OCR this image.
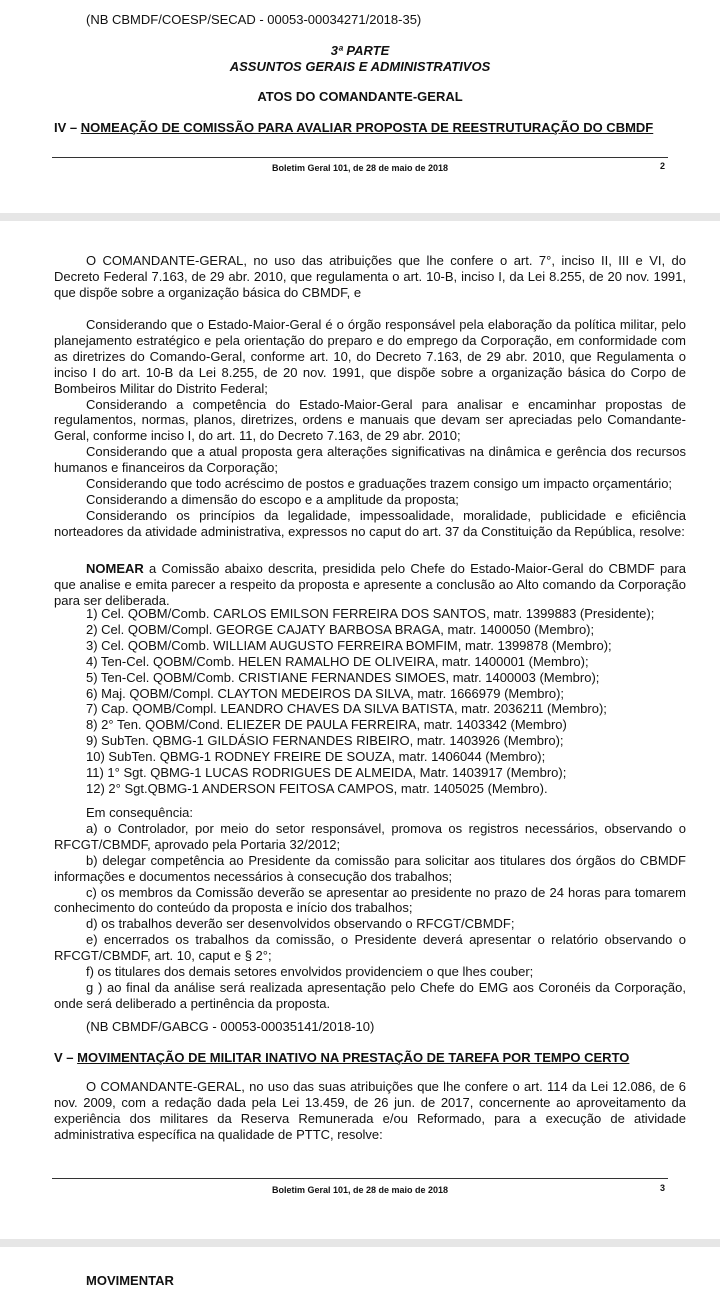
(NB CBMDF/COESP/SECAD - 00053-00034271/2018-35)
3ª PARTE
ASSUNTOS GERAIS E ADMINISTRATIVOS
ATOS DO COMANDANTE-GERAL
IV – NOMEAÇÃO DE COMISSÃO PARA AVALIAR PROPOSTA DE REESTRUTURAÇÃO DO CBMDF
Boletim Geral 101, de 28 de maio de 2018	2
O COMANDANTE-GERAL, no uso das atribuições que lhe confere o art. 7°, inciso II, III e VI, do Decreto Federal 7.163, de 29 abr. 2010, que regulamenta o art. 10-B, inciso I, da Lei 8.255, de 20 nov. 1991, que dispõe sobre a organização básica do CBMDF, e

Considerando que o Estado-Maior-Geral é o órgão responsável pela elaboração da política militar, pelo planejamento estratégico e pela orientação do preparo e do emprego da Corporação, em conformidade com as diretrizes do Comando-Geral, conforme art. 10, do Decreto 7.163, de 29 abr. 2010, que Regulamenta o inciso I do art. 10-B da Lei 8.255, de 20 nov. 1991, que dispõe sobre a organização básica do Corpo de Bombeiros Militar do Distrito Federal;

Considerando a competência do Estado-Maior-Geral para analisar e encaminhar propostas de regulamentos, normas, planos, diretrizes, ordens e manuais que devam ser apreciadas pelo Comandante-Geral, conforme inciso I, do art. 11, do Decreto 7.163, de 29 abr. 2010;

Considerando que a atual proposta gera alterações significativas na dinâmica e gerência dos recursos humanos e financeiros da Corporação;

Considerando que todo acréscimo de postos e graduações trazem consigo um impacto orçamentário;

Considerando a dimensão do escopo e a amplitude da proposta;

Considerando os princípios da legalidade, impessoalidade, moralidade, publicidade e eficiência norteadores da atividade administrativa, expressos no caput do art. 37 da Constituição da República, resolve:

NOMEAR a Comissão abaixo descrita, presidida pelo Chefe do Estado-Maior-Geral do CBMDF para que analise e emita parecer a respeito da proposta e apresente a conclusão ao Alto comando da Corporação para ser deliberada.
1) Cel. QOBM/Comb. CARLOS EMILSON FERREIRA DOS SANTOS, matr. 1399883 (Presidente);
2) Cel. QOBM/Compl. GEORGE CAJATY BARBOSA BRAGA, matr. 1400050 (Membro);
3) Cel. QOBM/Comb. WILLIAM AUGUSTO FERREIRA BOMFIM, matr. 1399878 (Membro);
4) Ten-Cel. QOBM/Comb. HELEN RAMALHO DE OLIVEIRA, matr. 1400001 (Membro);
5) Ten-Cel. QOBM/Comb. CRISTIANE FERNANDES SIMOES, matr. 1400003 (Membro);
6) Maj. QOBM/Compl. CLAYTON MEDEIROS DA SILVA, matr. 1666979 (Membro);
7) Cap. QOMB/Compl. LEANDRO CHAVES DA SILVA BATISTA, matr. 2036211 (Membro);
8) 2° Ten. QOBM/Cond. ELIEZER DE PAULA FERREIRA, matr. 1403342 (Membro)
9) SubTen. QBMG-1 GILDÁSIO FERNANDES RIBEIRO, matr. 1403926 (Membro);
10) SubTen. QBMG-1 RODNEY FREIRE DE SOUZA, matr. 1406044 (Membro);
11) 1° Sgt. QBMG-1 LUCAS RODRIGUES DE ALMEIDA, Matr. 1403917 (Membro);
12) 2° Sgt.QBMG-1 ANDERSON FEITOSA CAMPOS, matr. 1405025 (Membro).

Em consequência:

a) o Controlador, por meio do setor responsável, promova os registros necessários, observando o RFCGT/CBMDF, aprovado pela Portaria 32/2012;

b) delegar competência ao Presidente da comissão para solicitar aos titulares dos órgãos do CBMDF informações e documentos necessários à consecução dos trabalhos;

c) os membros da Comissão deverão se apresentar ao presidente no prazo de 24 horas para tomarem conhecimento do conteúdo da proposta e início dos trabalhos;

d) os trabalhos deverão ser desenvolvidos observando o RFCGT/CBMDF;

e) encerrados os trabalhos da comissão, o Presidente deverá apresentar o relatório observando o RFCGT/CBMDF, art. 10, caput e § 2°;

f) os titulares dos demais setores envolvidos providenciem o que lhes couber;

g ) ao final da análise será realizada apresentação pelo Chefe do EMG aos Coronéis da Corporação, onde será deliberado a pertinência da proposta.

(NB CBMDF/GABCG - 00053-00035141/2018-10)
V – MOVIMENTAÇÃO DE MILITAR INATIVO NA PRESTAÇÃO DE TAREFA POR TEMPO CERTO
O COMANDANTE-GERAL, no uso das suas atribuições que lhe confere o art. 114 da Lei 12.086, de 6 nov. 2009, com a redação dada pela Lei 13.459, de 26 jun. de 2017, concernente ao aproveitamento da experiência dos militares da Reserva Remunerada e/ou Reformado, para a execução de atividade administrativa específica na qualidade de PTTC, resolve:
Boletim Geral 101, de 28 de maio de 2018	3
MOVIMENTAR
